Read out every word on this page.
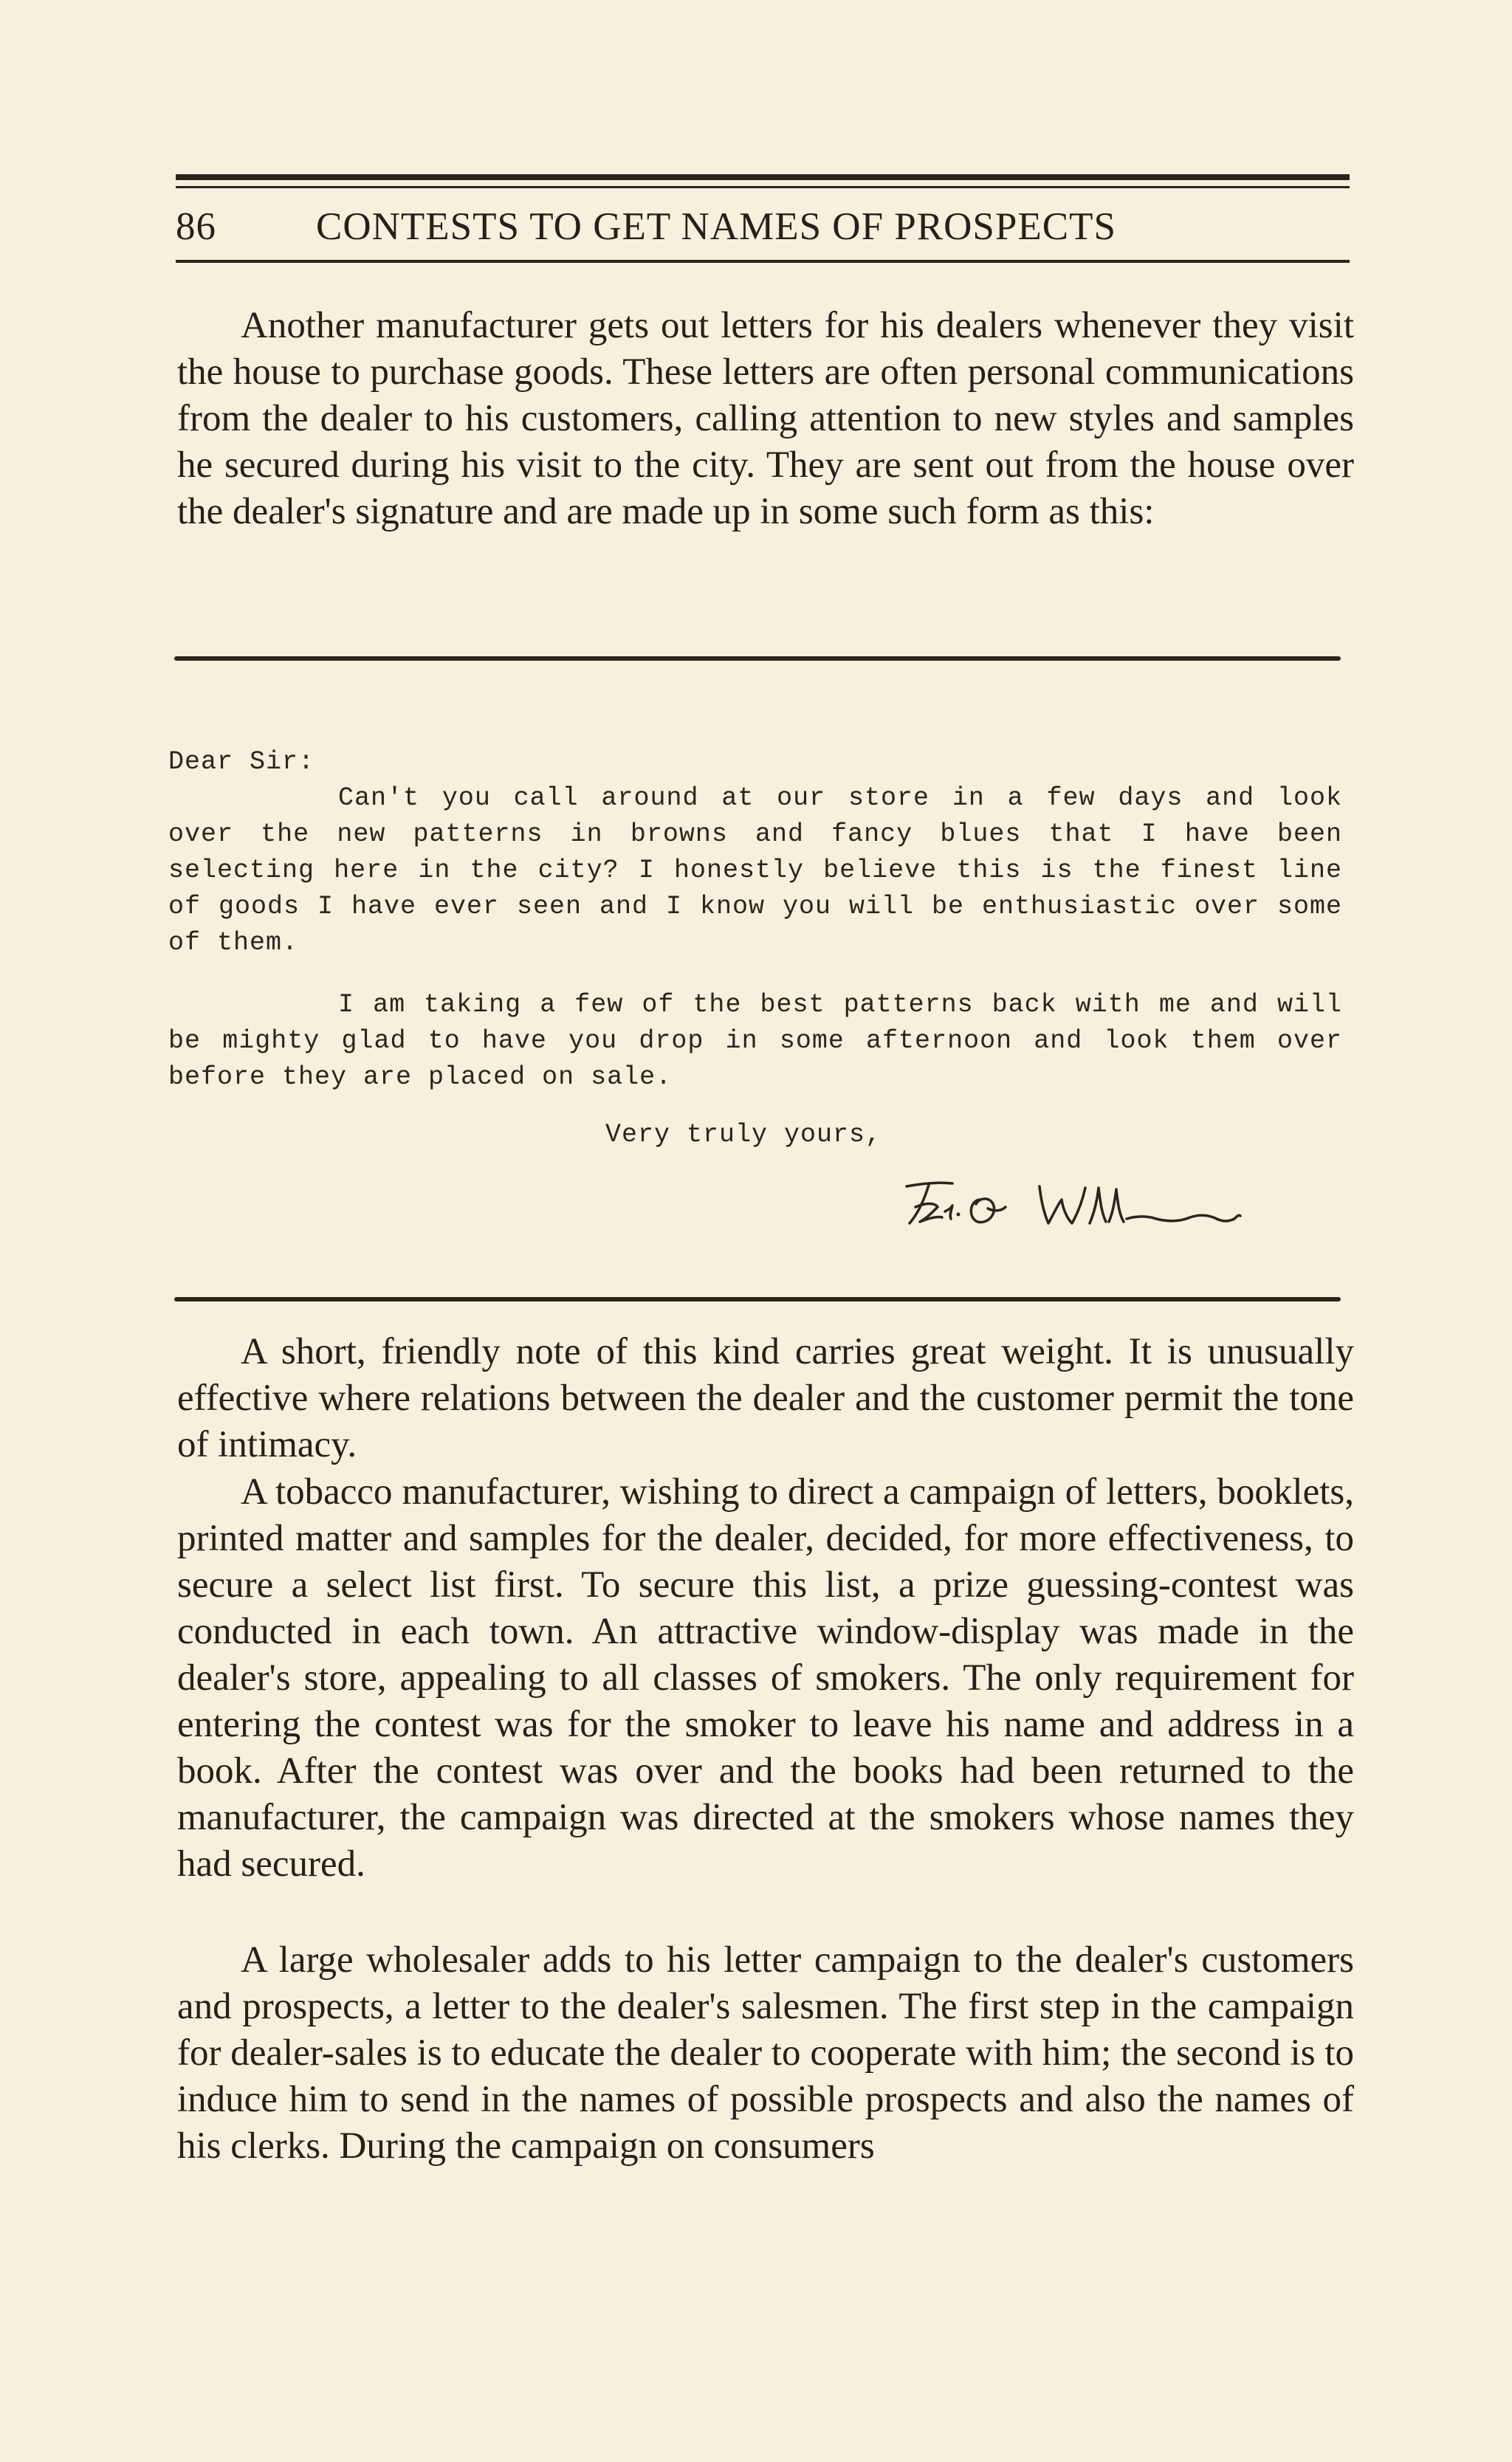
86	CONTESTS TO GET NAMES OF PROSPECTS

Another manufacturer gets out letters for his dealers whenever they visit the house to purchase goods. These letters are often personal communications from the dealer to his customers, calling attention to new styles and samples he secured during his visit to the city. They are sent out from the house over the dealer's signature and are made up in some such form as this:

Dear Sir:

Can't you call around at our store in a few days and look over the new patterns in browns and fancy blues that I have been selecting here in the city? I honestly believe this is the finest line of goods I have ever seen and I know you will be enthusiastic over some of them.

I am taking a few of the best patterns back with me and will be mighty glad to have you drop in some afternoon and look them over before they are placed on sale.

Very truly yours,

A short, friendly note of this kind carries great weight. It is unusually effective where relations between the dealer and the customer permit the tone of intimacy.

A tobacco manufacturer, wishing to direct a campaign of letters, booklets, printed matter and samples for the dealer, decided, for more effectiveness, to secure a select list first. To secure this list, a prize guessing-contest was conducted in each town. An attractive window-display was made in the dealer's store, appealing to all classes of smokers. The only requirement for entering the contest was for the smoker to leave his name and address in a book. After the contest was over and the books had been returned to the manufacturer, the campaign was directed at the smokers whose names they had secured.

A large wholesaler adds to his letter campaign to the dealer's customers and prospects, a letter to the dealer's salesmen. The first step in the campaign for dealer-sales is to educate the dealer to cooperate with him; the second is to induce him to send in the names of possible prospects and also the names of his clerks. During the campaign on consumers
